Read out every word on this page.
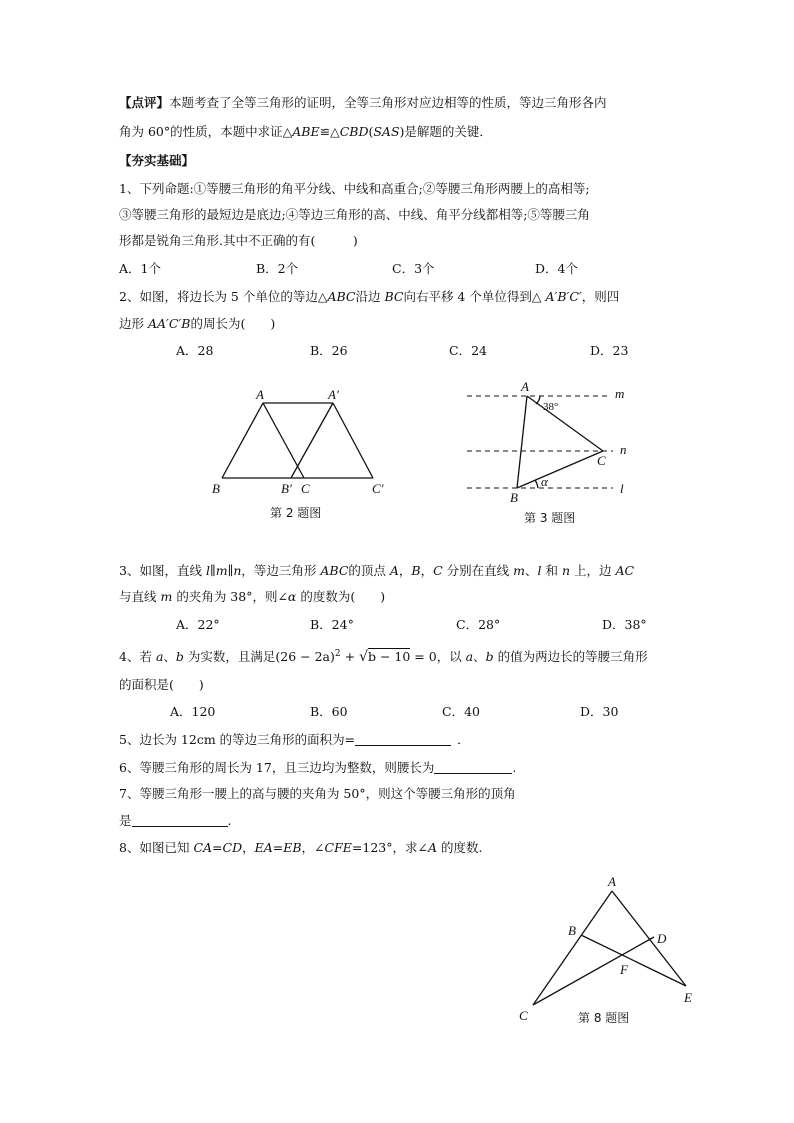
【点评】本题考查了全等三角形的证明，全等三角形对应边相等的性质，等边三角形各内
角为 60°的性质，本题中求证△ABE≌△CBD(SAS)是解题的关键．
【夯实基础】
1、下列命题:①等腰三角形的角平分线、中线和高重合;②等腰三角形两腰上的高相等;
③等腰三角形的最短边是底边;④等边三角形的高、中线、角平分线都相等;⑤等腰三角
形都是锐角三角形.其中不正确的有(　　　)
A．1个	B．2个	C．3个	D．4个
2、如图，将边长为 5 个单位的等边△ABC沿边 BC向右平移 4 个单位得到△ A′B′C′，则四
边形 AA′C′B的周长为(　　)
A．28	B．26	C．24	D．23
A	A′
B	B′ C	C′
第 2 题图
A	m
38°
n
C
B
α	l
第 3 题图
A
B
D
F
E
C	第 8 题图
3、如图，直线 l∥m∥n，等边三角形 ABC的顶点 A，B，C 分别在直线 m、l 和 n 上，边 AC
与直线 m 的夹角为 38°，则∠α 的度数为(　　)
A．22°	B．24°	C．28°	D．38°
4、若 a、b 为实数，且满足$(26 - 2a)^2 + √b - 10 = 0$，以 a、b 的值为两边长的等腰三角形
的面积是(　　)
A．120	B．60	C．40	D．30
5、边长为 12cm 的等边三角形的面积为=	．
6、等腰三角形的周长为 17，且三边均为整数，则腰长为	.
7、等腰三角形一腰上的高与腰的夹角为 50°，则这个等腰三角形的顶角
是	.
8、如图已知 CA=CD，EA=EB，∠CFE=123°，求∠A 的度数.
